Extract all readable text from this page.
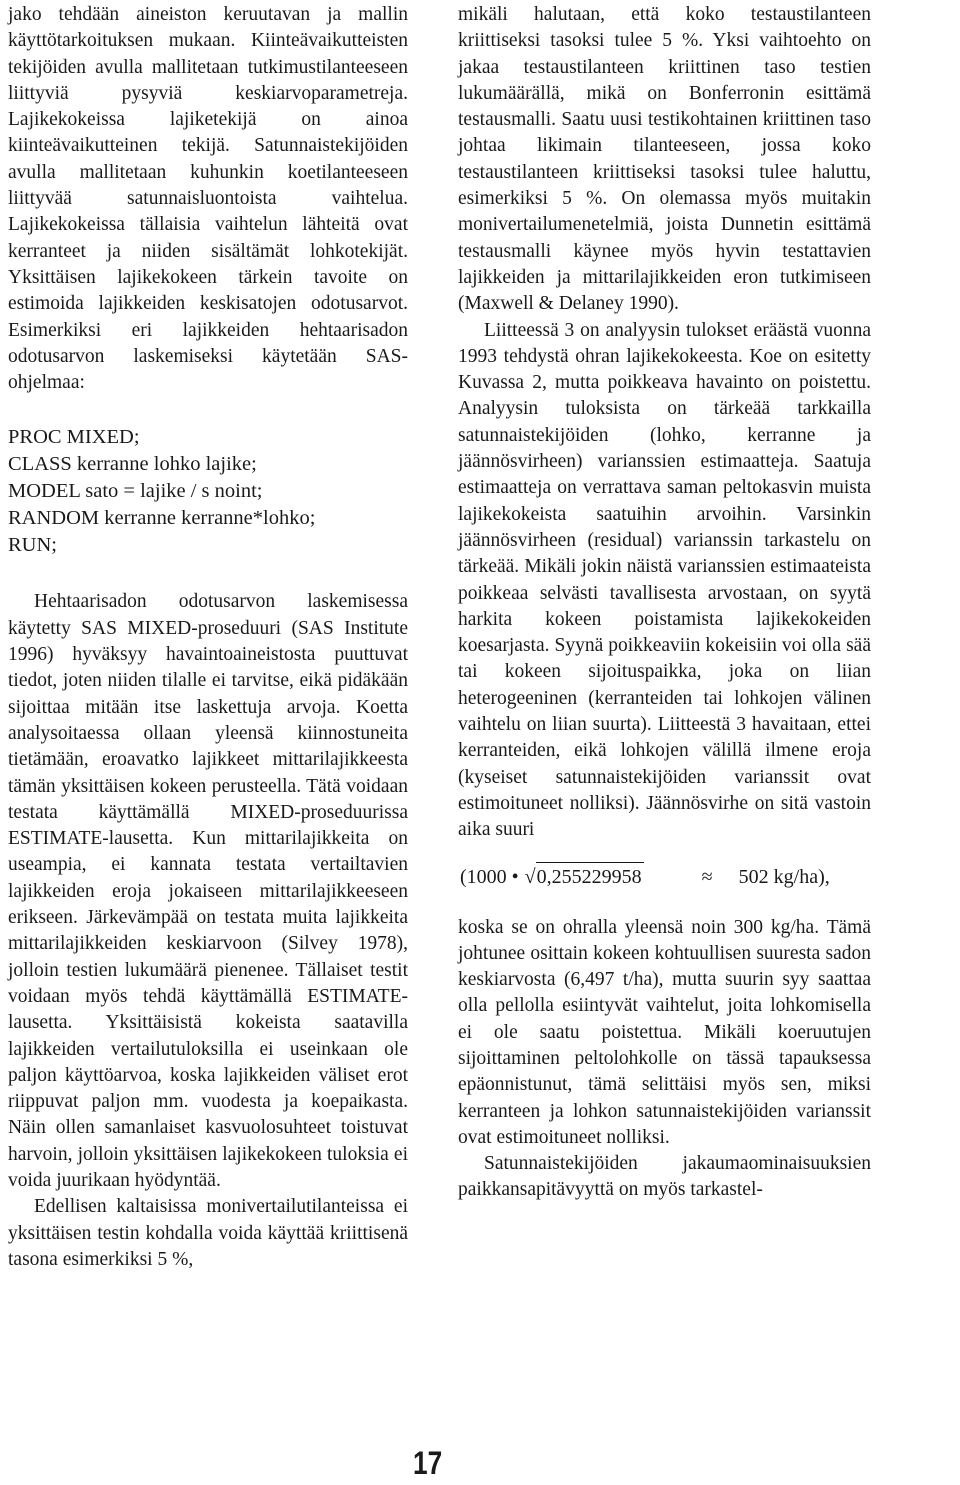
jako tehdään aineiston keruutavan ja mallin käyttötarkoituksen mukaan. Kiinteävaikutteisten tekijöiden avulla mallitetaan tutkimustilanteeseen liittyviä pysyviä keskiarvoparametreja. Lajikekokeissa lajiketekijä on ainoa kiinteävaikutteinen tekijä. Satunnaistekijöiden avulla mallitetaan kuhunkin koetilanteeseen liittyvää satunnaisluontoista vaihtelua. Lajikekokeissa tällaisia vaihtelun lähteitä ovat kerranteet ja niiden sisältämät lohkotekijät. Yksittäisen lajikekokeen tärkein tavoite on estimoida lajikkeiden keskisatojen odotusarvot. Esimerkiksi eri lajikkeiden hehtaarisadon odotusarvon laskemiseksi käytetään SAS-ohjelmaa:

PROC MIXED;
CLASS kerranne lohko lajike;
MODEL sato = lajike / s noint;
RANDOM kerranne kerranne*lohko;
RUN;

Hehtaarisadon odotusarvon laskemisessa käytetty SAS MIXED-proseduuri (SAS Institute 1996) hyväksyy havaintoaineistosta puuttuvat tiedot, joten niiden tilalle ei tarvitse, eikä pidäkään sijoittaa mitään itse laskettuja arvoja. Koetta analysoitaessa ollaan yleensä kiinnostuneita tietämään, eroavatko lajikkeet mittarilajikkeesta tämän yksittäisen kokeen perusteella. Tätä voidaan testata käyttämällä MIXED-proseduurissa ESTIMATE-lausetta. Kun mittarilajikkeita on useampia, ei kannata testata vertailtavien lajikkeiden eroja jokaiseen mittarilajikkeeseen erikseen. Järkevämpää on testata muita lajikkeita mittarilajikkeiden keskiarvoon (Silvey 1978), jolloin testien lukumäärä pienenee. Tällaiset testit voidaan myös tehdä käyttämällä ESTIMATE-lausetta. Yksittäisistä kokeista saatavilla lajikkeiden vertailutuloksilla ei useinkaan ole paljon käyttöarvoa, koska lajikkeiden väliset erot riippuvat paljon mm. vuodesta ja koepaikasta. Näin ollen samanlaiset kasvuolosuhteet toistuvat harvoin, jolloin yksittäisen lajikekokeen tuloksia ei voida juurikaan hyödyntää.

Edellisen kaltaisissa monivertailutilanteissa ei yksittäisen testin kohdalla voida käyttää kriittisenä tasona esimerkiksi 5 %,

mikäli halutaan, että koko testaustilanteen kriittiseksi tasoksi tulee 5 %. Yksi vaihtoehto on jakaa testaustilanteen kriittinen taso testien lukumäärällä, mikä on Bonferronin esittämä testausmalli. Saatu uusi testikohtainen kriittinen taso johtaa likimain tilanteeseen, jossa koko testaustilanteen kriittiseksi tasoksi tulee haluttu, esimerkiksi 5 %. On olemassa myös muitakin monivertailumenetelmiä, joista Dunnetin esittämä testausmalli käynee myös hyvin testattavien lajikkeiden ja mittarilajikkeiden eron tutkimiseen (Maxwell & Delaney 1990).

Liitteessä 3 on analyysin tulokset eräästä vuonna 1993 tehdystä ohran lajikekokeesta. Koe on esitetty Kuvassa 2, mutta poikkeava havainto on poistettu. Analyysin tuloksista on tärkeää tarkkailla satunnaistekijöiden (lohko, kerranne ja jäännösvirheen) varianssien estimaatteja. Saatuja estimaatteja on verrattava saman peltokasvin muista lajikekokeista saatuihin arvoihin. Varsinkin jäännösvirheen (residual) varianssin tarkastelu on tärkeää. Mikäli jokin näistä varianssien estimaateista poikkeaa selvästi tavallisesta arvostaan, on syytä harkita kokeen poistamista lajikekokeiden koesarjasta. Syynä poikkeaviin kokeisiin voi olla sää tai kokeen sijoituspaikka, joka on liian heterogeeninen (kerranteiden tai lohkojen välinen vaihtelu on liian suurta). Liitteestä 3 havaitaan, ettei kerranteiden, eikä lohkojen välillä ilmene eroja (kyseiset satunnaistekijöiden varianssit ovat estimoituneet nolliksi). Jäännösvirhe on sitä vastoin aika suuri

(1000 • √ 0,255229958	≈ 502 kg/ha),

koska se on ohralla yleensä noin 300 kg/ha. Tämä johtunee osittain kokeen kohtuullisen suuresta sadon keskiarvosta (6,497 t/ha), mutta suurin syy saattaa olla pellolla esiintyvät vaihtelut, joita lohkomisella ei ole saatu poistettua. Mikäli koeruutujen sijoittaminen peltolohkolle on tässä tapauksessa epäonnistunut, tämä selittäisi myös sen, miksi kerranteen ja lohkon satunnaistekijöiden varianssit ovat estimoituneet nolliksi.

Satunnaistekijöiden jakaumaominaisuuksien paikkansapitävyyttä on myös tarkastel-

17
